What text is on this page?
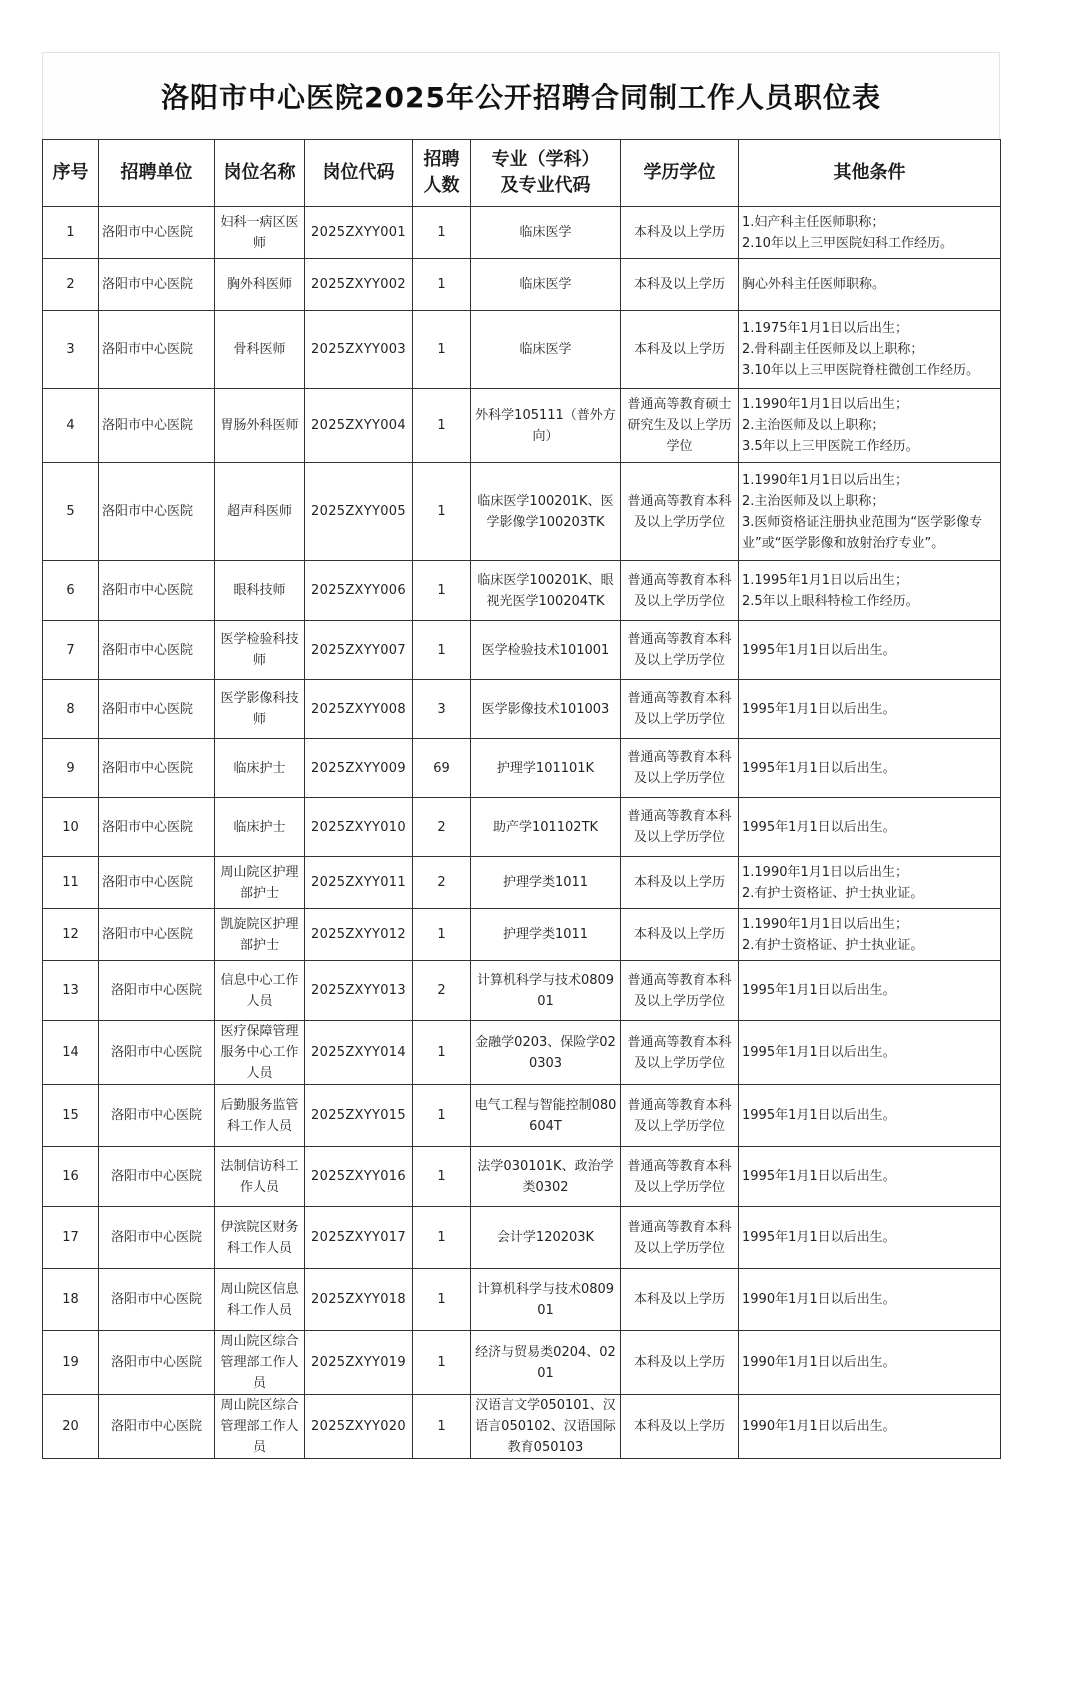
洛阳市中心医院2025年公开招聘合同制工作人员职位表
序号	招聘单位	岗位名称	岗位代码	招聘人数	专业（学科）及专业代码	学历学位	其他条件
1	洛阳市中心医院	妇科一病区医师	2025ZXYY001	1	临床医学	本科及以上学历	1.妇产科主任医师职称；
2.10年以上三甲医院妇科工作经历。
2	洛阳市中心医院	胸外科医师	2025ZXYY002	1	临床医学	本科及以上学历	胸心外科主任医师职称。
3	洛阳市中心医院	骨科医师	2025ZXYY003	1	临床医学	本科及以上学历	1.1975年1月1日以后出生；
2.骨科副主任医师及以上职称；
3.10年以上三甲医院脊柱微创工作经历。
4	洛阳市中心医院	胃肠外科医师	2025ZXYY004	1	外科学105111（普外方向）	普通高等教育硕士研究生及以上学历学位	1.1990年1月1日以后出生；
2.主治医师及以上职称；
3.5年以上三甲医院工作经历。
5	洛阳市中心医院	超声科医师	2025ZXYY005	1	临床医学100201K、医学影像学100203TK	普通高等教育本科及以上学历学位	1.1990年1月1日以后出生；
2.主治医师及以上职称；
3.医师资格证注册执业范围为“医学影像专业”或“医学影像和放射治疗专业”。
6	洛阳市中心医院	眼科技师	2025ZXYY006	1	临床医学100201K、眼视光医学100204TK	普通高等教育本科及以上学历学位	1.1995年1月1日以后出生；
2.5年以上眼科特检工作经历。
7	洛阳市中心医院	医学检验科技师	2025ZXYY007	1	医学检验技术101001	普通高等教育本科及以上学历学位	1995年1月1日以后出生。
8	洛阳市中心医院	医学影像科技师	2025ZXYY008	3	医学影像技术101003	普通高等教育本科及以上学历学位	1995年1月1日以后出生。
9	洛阳市中心医院	临床护士	2025ZXYY009	69	护理学101101K	普通高等教育本科及以上学历学位	1995年1月1日以后出生。
10	洛阳市中心医院	临床护士	2025ZXYY010	2	助产学101102TK	普通高等教育本科及以上学历学位	1995年1月1日以后出生。
11	洛阳市中心医院	周山院区护理部护士	2025ZXYY011	2	护理学类1011	本科及以上学历	1.1990年1月1日以后出生；
2.有护士资格证、护士执业证。
12	洛阳市中心医院	凯旋院区护理部护士	2025ZXYY012	1	护理学类1011	本科及以上学历	1.1990年1月1日以后出生；
2.有护士资格证、护士执业证。
13	洛阳市中心医院	信息中心工作人员	2025ZXYY013	2	计算机科学与技术080901	普通高等教育本科及以上学历学位	1995年1月1日以后出生。
14	洛阳市中心医院	医疗保障管理服务中心工作人员	2025ZXYY014	1	金融学0203、保险学020303	普通高等教育本科及以上学历学位	1995年1月1日以后出生。
15	洛阳市中心医院	后勤服务监管科工作人员	2025ZXYY015	1	电气工程与智能控制080604T	普通高等教育本科及以上学历学位	1995年1月1日以后出生。
16	洛阳市中心医院	法制信访科工作人员	2025ZXYY016	1	法学030101K、政治学类0302	普通高等教育本科及以上学历学位	1995年1月1日以后出生。
17	洛阳市中心医院	伊滨院区财务科工作人员	2025ZXYY017	1	会计学120203K	普通高等教育本科及以上学历学位	1995年1月1日以后出生。
18	洛阳市中心医院	周山院区信息科工作人员	2025ZXYY018	1	计算机科学与技术080901	本科及以上学历	1990年1月1日以后出生。
19	洛阳市中心医院	周山院区综合管理部工作人员	2025ZXYY019	1	经济与贸易类0204、0201	本科及以上学历	1990年1月1日以后出生。
20	洛阳市中心医院	周山院区综合管理部工作人员	2025ZXYY020	1	汉语言文学050101、汉语言050102、汉语国际教育050103	本科及以上学历	1990年1月1日以后出生。
